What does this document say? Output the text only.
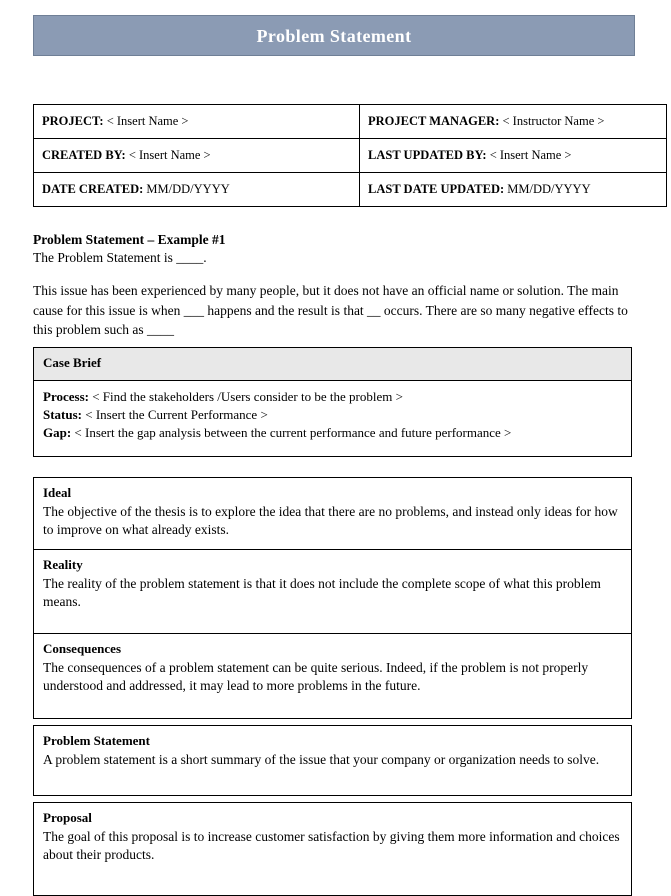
Problem Statement
PROJECT: < Insert Name >	PROJECT MANAGER: < Instructor Name >
CREATED BY: < Insert Name >	LAST UPDATED BY: < Insert Name >
DATE CREATED: MM/DD/YYYY	LAST DATE UPDATED: MM/DD/YYYY

Problem Statement – Example #1

The Problem Statement is ____.

This issue has been experienced by many people, but it does not have an official name or solution. The main cause for this issue is when ___ happens and the result is that __ occurs. There are so many negative effects to this problem such as ____

Case Brief
Process: < Find the stakeholders /Users consider to be the problem >
Status: < Insert the Current Performance >
Gap: < Insert the gap analysis between the current performance and future performance >

Ideal

The objective of the thesis is to explore the idea that there are no problems, and instead only ideas for how to improve on what already exists.

Reality

The reality of the problem statement is that it does not include the complete scope of what this problem means.

Consequences

The consequences of a problem statement can be quite serious. Indeed, if the problem is not properly understood and addressed, it may lead to more problems in the future.

Problem Statement

A problem statement is a short summary of the issue that your company or organization needs to solve.

Proposal

The goal of this proposal is to increase customer satisfaction by giving them more information and choices about their products.
